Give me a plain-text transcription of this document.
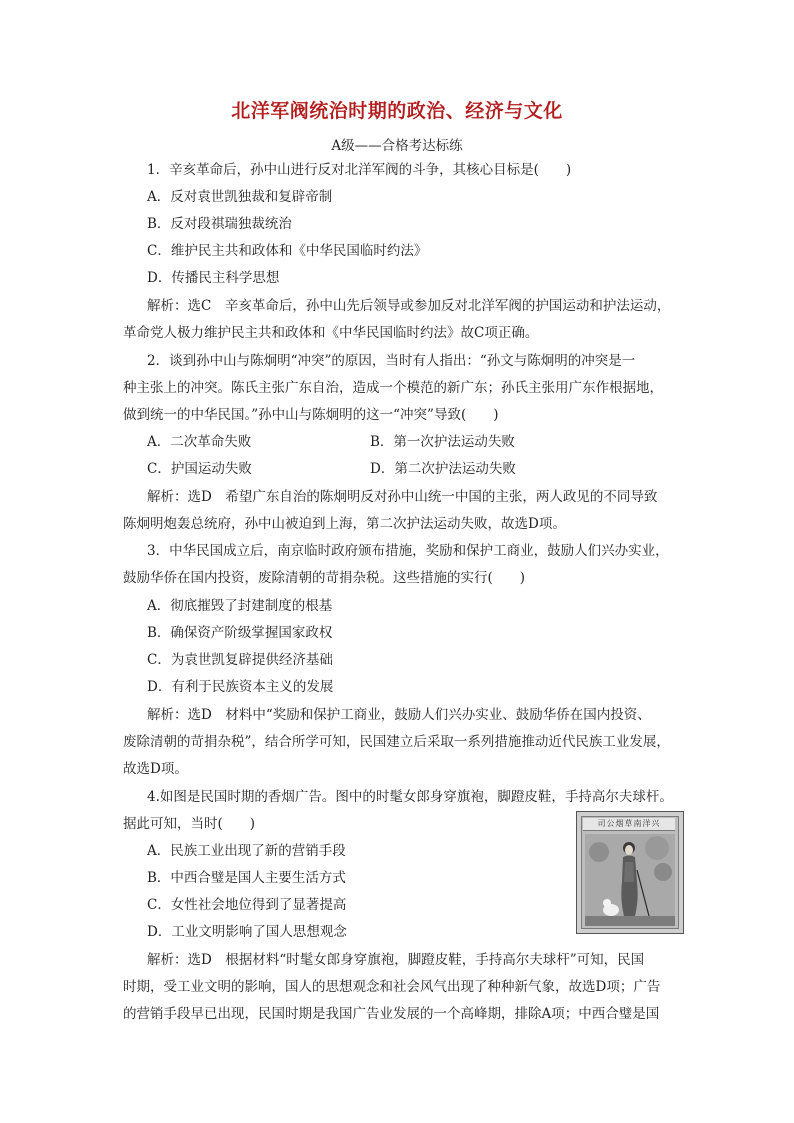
北洋军阀统治时期的政治、经济与文化
A级——合格考达标练
1．辛亥革命后，孙中山进行反对北洋军阀的斗争，其核心目标是(　　)
A．反对袁世凯独裁和复辟帝制
B．反对段祺瑞独裁统治
C．维护民主共和政体和《中华民国临时约法》
D．传播民主科学思想
解析：选C　辛亥革命后，孙中山先后领导或参加反对北洋军阀的护国运动和护法运动，
革命党人极力维护民主共和政体和《中华民国临时约法》故C项正确。
2．谈到孙中山与陈炯明“冲突”的原因，当时有人指出：“孙文与陈炯明的冲突是一
种主张上的冲突。陈氏主张广东自治，造成一个模范的新广东；孙氏主张用广东作根据地，
做到统一的中华民国。”孙中山与陈炯明的这一“冲突”导致(　　)
A．二次革命失败	B．第一次护法运动失败
C．护国运动失败	D．第二次护法运动失败
解析：选D　希望广东自治的陈炯明反对孙中山统一中国的主张，两人政见的不同导致
陈炯明炮轰总统府，孙中山被迫到上海，第二次护法运动失败，故选D项。
3．中华民国成立后，南京临时政府颁布措施，奖励和保护工商业，鼓励人们兴办实业，
鼓励华侨在国内投资，废除清朝的苛捐杂税。这些措施的实行(　　)
A．彻底摧毁了封建制度的根基
B．确保资产阶级掌握国家政权
C．为袁世凯复辟提供经济基础
D．有利于民族资本主义的发展
解析：选D　材料中“奖励和保护工商业，鼓励人们兴办实业、鼓励华侨在国内投资、
废除清朝的苛捐杂税”，结合所学可知，民国建立后采取一系列措施推动近代民族工业发展，
故选D项。
4.如图是民国时期的香烟广告。图中的时髦女郎身穿旗袍，脚蹬皮鞋，手持高尔夫球杆。
据此可知，当时(　　)
A．民族工业出现了新的营销手段
B．中西合璧是国人主要生活方式
C．女性社会地位得到了显著提高
D．工业文明影响了国人思想观念
解析：选D　根据材料“时髦女郎身穿旗袍，脚蹬皮鞋，手持高尔夫球杆”可知，民国
时期，受工业文明的影响，国人的思想观念和社会风气出现了种种新气象，故选D项；广告
的营销手段早已出现，民国时期是我国广告业发展的一个高峰期，排除A项；中西合璧是国
司公烟草南洋兴
